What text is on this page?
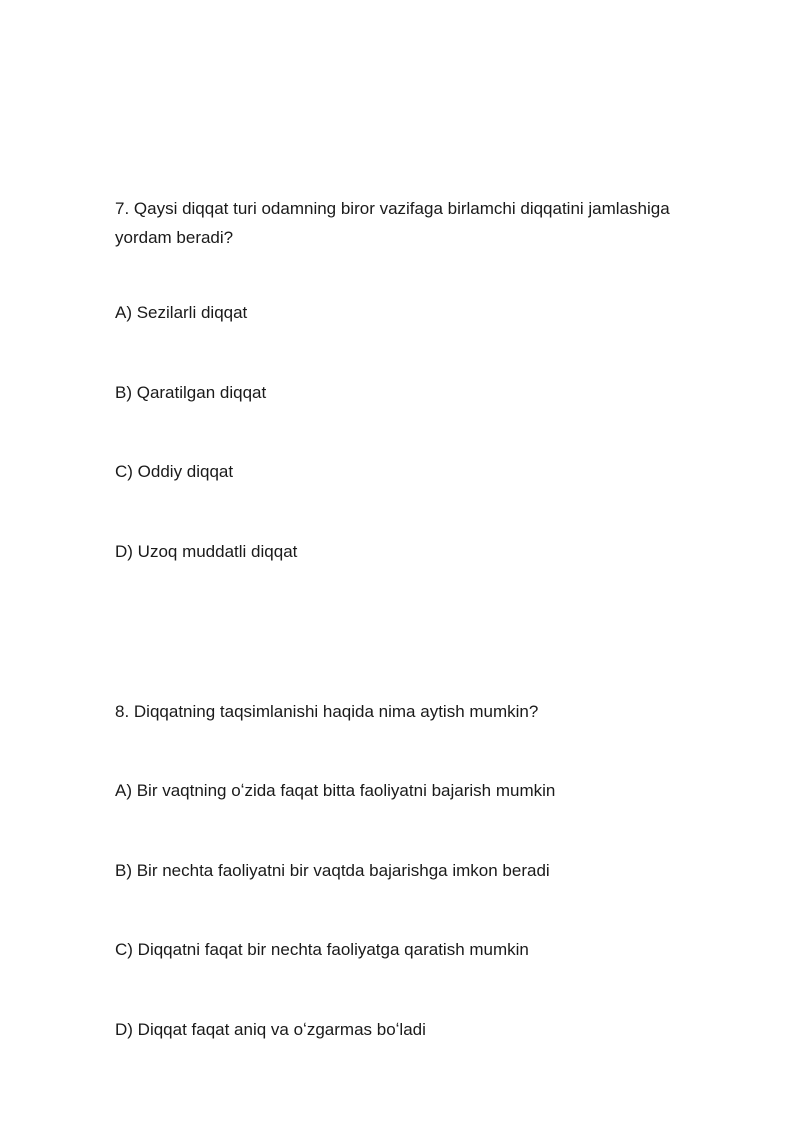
7. Qaysi diqqat turi odamning biror vazifaga birlamchi diqqatini jamlashiga yordam beradi?
A) Sezilarli diqqat
B) Qaratilgan diqqat
C) Oddiy diqqat
D) Uzoq muddatli diqqat
8. Diqqatning taqsimlanishi haqida nima aytish mumkin?
A) Bir vaqtning oʻzida faqat bitta faoliyatni bajarish mumkin
B) Bir nechta faoliyatni bir vaqtda bajarishga imkon beradi
C) Diqqatni faqat bir nechta faoliyatga qaratish mumkin
D) Diqqat faqat aniq va oʻzgarmas boʻladi
